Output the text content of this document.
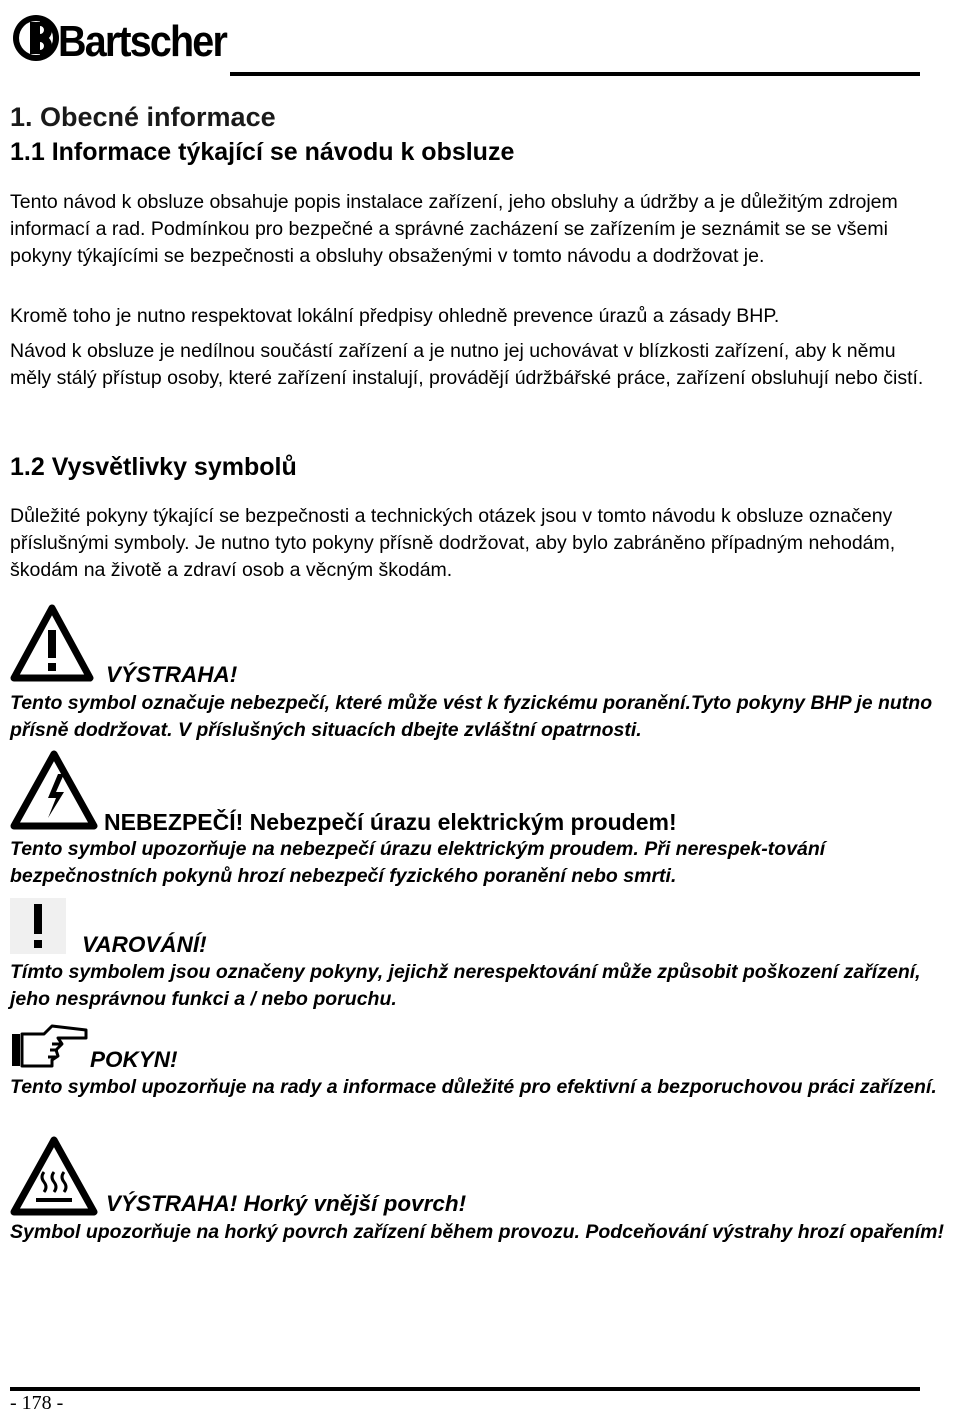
Bartscher
1. Obecné informace
1.1 Informace týkající se návodu k obsluze

Tento návod k obsluze obsahuje popis instalace zařízení, jeho obsluhy a údržby a je důležitým zdrojem informací a rad. Podmínkou pro bezpečné a správné zacházení se zařízením je seznámit se se všemi pokyny týkajícími se bezpečnosti a obsluhy obsaženými v tomto návodu a dodržovat je.

Kromě toho je nutno respektovat lokální předpisy ohledně prevence úrazů a zásady BHP.

Návod k obsluze je nedílnou součástí zařízení a je nutno jej uchovávat v blízkosti zařízení, aby k němu měly stálý přístup osoby, které zařízení instalují, provádějí údržbářské práce, zařízení obsluhují nebo čistí.

1.2 Vysvětlivky symbolů

Důležité pokyny týkající se bezpečnosti a technických otázek jsou v tomto návodu k obsluze označeny příslušnými symboly. Je nutno tyto pokyny přísně dodržovat, aby bylo zabráněno případným nehodám, škodám na životě a zdraví osob a věcným škodám.

VÝSTRAHA!

Tento symbol označuje nebezpečí, které může vést k fyzickému poranění.Tyto pokyny BHP je nutno přísně dodržovat. V příslušných situacích dbejte zvláštní opatrnosti.

NEBEZPEČÍ! Nebezpečí úrazu elektrickým proudem!

Tento symbol upozorňuje na nebezpečí úrazu elektrickým proudem. Při nerespek-tování bezpečnostních pokynů hrozí nebezpečí fyzického poranění nebo smrti.

VAROVÁNÍ!

Tímto symbolem jsou označeny pokyny, jejichž nerespektování může způsobit poškození zařízení, jeho nesprávnou funkci a / nebo poruchu.

POKYN!

Tento symbol upozorňuje na rady a informace důležité pro efektivní a bezporuchovou práci zařízení.

VÝSTRAHA! Horký vnější povrch!

Symbol upozorňuje na horký povrch zařízení během provozu. Podceňování výstrahy hrozí opařením!

- 178 -
